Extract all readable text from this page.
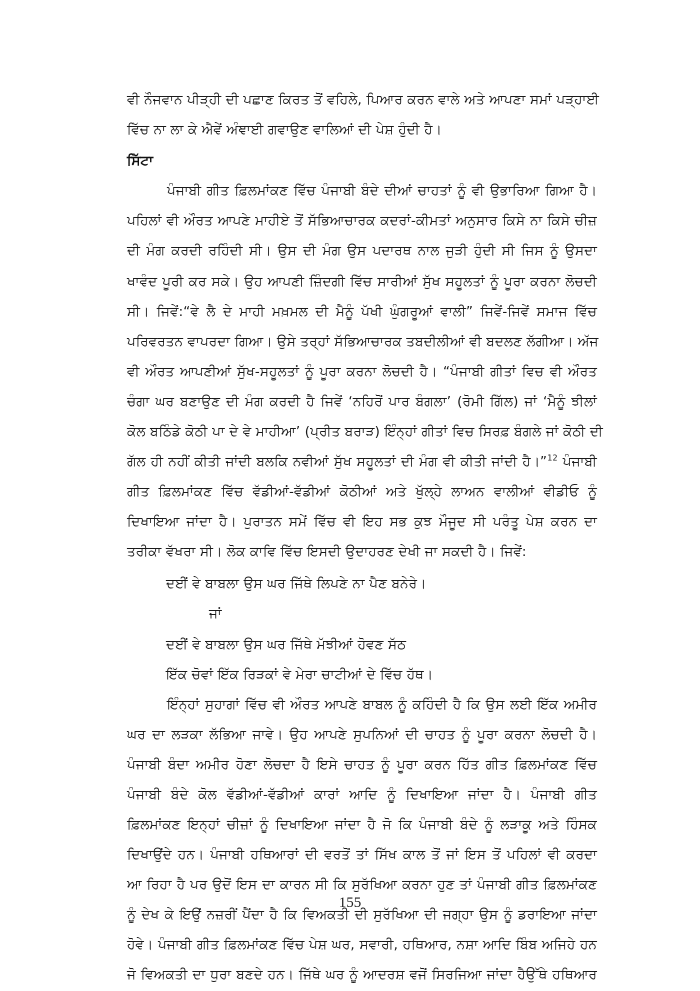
ਵੀ ਨੌਜਵਾਨ ਪੀੜ੍ਹੀ ਦੀ ਪਛਾਣ ਕਿਰਤ ਤੋਂ ਵਹਿਲੇ, ਪਿਆਰ ਕਰਨ ਵਾਲੇ ਅਤੇ ਆਪਣਾ ਸਮਾਂ ਪੜ੍ਹਾਈ
ਵਿੱਚ ਨਾ ਲਾ ਕੇ ਐਵੇਂ ਅੰਞਾਈ ਗਵਾਉਣ ਵਾਲਿਆਂ ਦੀ ਪੇਸ਼ ਹੁੰਦੀ ਹੈ।
ਸਿੱਟਾ
ਪੰਜਾਬੀ ਗੀਤ ਫ਼ਿਲਮਾਂਕਣ ਵਿੱਚ ਪੰਜਾਬੀ ਬੰਦੇ ਦੀਆਂ ਚਾਹਤਾਂ ਨੂੰ ਵੀ ਉਭਾਰਿਆ ਗਿਆ ਹੈ।
ਪਹਿਲਾਂ ਵੀ ਔਰਤ ਆਪਣੇ ਮਾਹੀਏ ਤੋਂ ਸੱਭਿਆਚਾਰਕ ਕਦਰਾਂ-ਕੀਮਤਾਂ ਅਨੁਸਾਰ ਕਿਸੇ ਨਾ ਕਿਸੇ ਚੀਜ਼
ਦੀ ਮੰਗ ਕਰਦੀ ਰਹਿੰਦੀ ਸੀ। ਉਸ ਦੀ ਮੰਗ ਉਸ ਪਦਾਰਥ ਨਾਲ ਜੁੜੀ ਹੁੰਦੀ ਸੀ ਜਿਸ ਨੂੰ ਉਸਦਾ
ਖਾਵੰਦ ਪੂਰੀ ਕਰ ਸਕੇ। ਉਹ ਆਪਣੀ ਜ਼ਿੰਦਗੀ ਵਿੱਚ ਸਾਰੀਆਂ ਸੁੱਖ ਸਹੂਲਤਾਂ ਨੂੰ ਪੂਰਾ ਕਰਨਾ ਲੋਚਦੀ
ਸੀ। ਜਿਵੇਂ:“ਵੇ ਲੈ ਦੇ ਮਾਹੀ ਮਖ਼ਮਲ ਦੀ ਮੈਨੂੰ ਪੱਖੀ ਘੁੰਗਰੂਆਂ ਵਾਲੀ” ਜਿਵੇਂ-ਜਿਵੇਂ ਸਮਾਜ ਵਿੱਚ
ਪਰਿਵਰਤਨ ਵਾਪਰਦਾ ਗਿਆ। ਉਸੇ ਤਰ੍ਹਾਂ ਸੱਭਿਆਚਾਰਕ ਤਬਦੀਲੀਆਂ ਵੀ ਬਦਲਣ ਲੱਗੀਆ। ਅੱਜ
ਵੀ ਔਰਤ ਆਪਣੀਆਂ ਸੁੱਖ-ਸਹੂਲਤਾਂ ਨੂੰ ਪੂਰਾ ਕਰਨਾ ਲੋਚਦੀ ਹੈ। “ਪੰਜਾਬੀ ਗੀਤਾਂ ਵਿਚ ਵੀ ਔਰਤ
ਚੰਗਾ ਘਰ ਬਣਾਉਣ ਦੀ ਮੰਗ ਕਰਦੀ ਹੈ ਜਿਵੇਂ ‘ਨਹਿਰੋਂ ਪਾਰ ਬੰਗਲਾ’ (ਰੋਮੀ ਗਿੱਲ) ਜਾਂ ‘ਮੈਨੂੰ ਝੀਲਾਂ
ਕੋਲ ਬਠਿੰਡੇ ਕੋਠੀ ਪਾ ਦੇ ਵੇ ਮਾਹੀਆ’ (ਪ੍ਰੀਤ ਬਰਾੜ) ਇੰਨ੍ਹਾਂ ਗੀਤਾਂ ਵਿਚ ਸਿਰਫ਼ ਬੰਗਲੇ ਜਾਂ ਕੋਠੀ ਦੀ
ਗੱਲ ਹੀ ਨਹੀਂ ਕੀਤੀ ਜਾਂਦੀ ਬਲਕਿ ਨਵੀਆਂ ਸੁੱਖ ਸਹੂਲਤਾਂ ਦੀ ਮੰਗ ਵੀ ਕੀਤੀ ਜਾਂਦੀ ਹੈ।”$^{12}$ ਪੰਜਾਬੀ
ਗੀਤ ਫ਼ਿਲਮਾਂਕਣ ਵਿੱਚ ਵੱਡੀਆਂ-ਵੱਡੀਆਂ ਕੋਠੀਆਂ ਅਤੇ ਖੁੱਲ੍ਹੇ ਲਾਅਨ ਵਾਲੀਆਂ ਵੀਡੀਓ ਨੂੰ
ਦਿਖਾਇਆ ਜਾਂਦਾ ਹੈ। ਪੁਰਾਤਨ ਸਮੇਂ ਵਿੱਚ ਵੀ ਇਹ ਸਭ ਕੁਝ ਮੌਜੂਦ ਸੀ ਪਰੰਤੂ ਪੇਸ਼ ਕਰਨ ਦਾ
ਤਰੀਕਾ ਵੱਖਰਾ ਸੀ। ਲੋਕ ਕਾਵਿ ਵਿੱਚ ਇਸਦੀ ਉਦਾਹਰਣ ਦੇਖੀ ਜਾ ਸਕਦੀ ਹੈ। ਜਿਵੇਂ:
ਦਈਂ ਵੇ ਬਾਬਲਾ ਉਸ ਘਰ ਜਿੱਥੇ ਲਿਪਣੇ ਨਾ ਪੈਣ ਬਨੇਰੇ।
ਜਾਂ
ਦਈਂ ਵੇ ਬਾਬਲਾ ਉਸ ਘਰ ਜਿੱਥੇ ਮੱਝੀਆਂ ਹੋਵਣ ਸੱਠ
ਇੱਕ ਚੋਵਾਂ ਇੱਕ ਰਿੜਕਾਂ ਵੇ ਮੇਰਾ ਚਾਟੀਆਂ ਦੇ ਵਿੱਚ ਹੱਥ।
ਇੰਨ੍ਹਾਂ ਸੁਹਾਗਾਂ ਵਿੱਚ ਵੀ ਔਰਤ ਆਪਣੇ ਬਾਬਲ ਨੂੰ ਕਹਿੰਦੀ ਹੈ ਕਿ ਉਸ ਲਈ ਇੱਕ ਅਮੀਰ
ਘਰ ਦਾ ਲੜਕਾ ਲੱਭਿਆ ਜਾਵੇ। ਉਹ ਆਪਣੇ ਸੁਪਨਿਆਂ ਦੀ ਚਾਹਤ ਨੂੰ ਪੂਰਾ ਕਰਨਾ ਲੋਚਦੀ ਹੈ।
ਪੰਜਾਬੀ ਬੰਦਾ ਅਮੀਰ ਹੋਣਾ ਲੋਚਦਾ ਹੈ ਇਸੇ ਚਾਹਤ ਨੂੰ ਪੂਰਾ ਕਰਨ ਹਿੱਤ ਗੀਤ ਫ਼ਿਲਮਾਂਕਣ ਵਿੱਚ
ਪੰਜਾਬੀ ਬੰਦੇ ਕੋਲ ਵੱਡੀਆਂ-ਵੱਡੀਆਂ ਕਾਰਾਂ ਆਦਿ ਨੂੰ ਦਿਖਾਇਆ ਜਾਂਦਾ ਹੈ। ਪੰਜਾਬੀ ਗੀਤ
ਫ਼ਿਲਮਾਂਕਣ ਇਨ੍ਹਾਂ ਚੀਜ਼ਾਂ ਨੂੰ ਦਿਖਾਇਆ ਜਾਂਦਾ ਹੈ ਜੋ ਕਿ ਪੰਜਾਬੀ ਬੰਦੇ ਨੂੰ ਲੜਾਕੂ ਅਤੇ ਹਿੰਸਕ
ਦਿਖਾਉਂਦੇ ਹਨ। ਪੰਜਾਬੀ ਹਥਿਆਰਾਂ ਦੀ ਵਰਤੋਂ ਤਾਂ ਸਿੱਖ ਕਾਲ ਤੋਂ ਜਾਂ ਇਸ ਤੋਂ ਪਹਿਲਾਂ ਵੀ ਕਰਦਾ
ਆ ਰਿਹਾ ਹੈ ਪਰ ਉਦੋਂ ਇਸ ਦਾ ਕਾਰਨ ਸੀ ਕਿ ਸੁਰੱਖਿਆ ਕਰਨਾ ਹੁਣ ਤਾਂ ਪੰਜਾਬੀ ਗੀਤ ਫ਼ਿਲਮਾਂਕਣ
ਨੂੰ ਦੇਖ ਕੇ ਇਉਂ ਨਜ਼ਰੀਂ ਪੈਂਦਾ ਹੈ ਕਿ ਵਿਅਕਤੀ ਦੀ ਸੁਰੱਖਿਆ ਦੀ ਜਗ੍ਹਾ ਉਸ ਨੂੰ ਡਰਾਇਆ ਜਾਂਦਾ
ਹੋਵੇ। ਪੰਜਾਬੀ ਗੀਤ ਫ਼ਿਲਮਾਂਕਣ ਵਿੱਚ ਪੇਸ਼ ਘਰ, ਸਵਾਰੀ, ਹਥਿਆਰ, ਨਸ਼ਾ ਆਦਿ ਬਿੰਬ ਅਜਿਹੇ ਹਨ
ਜੋ ਵਿਅਕਤੀ ਦਾ ਧੁਰਾ ਬਣਦੇ ਹਨ। ਜਿੱਥੇ ਘਰ ਨੂੰ ਆਦਰਸ਼ ਵਜੋਂ ਸਿਰਜਿਆ ਜਾਂਦਾ ਹੈਉੱਥੇ ਹਥਿਆਰ
155
